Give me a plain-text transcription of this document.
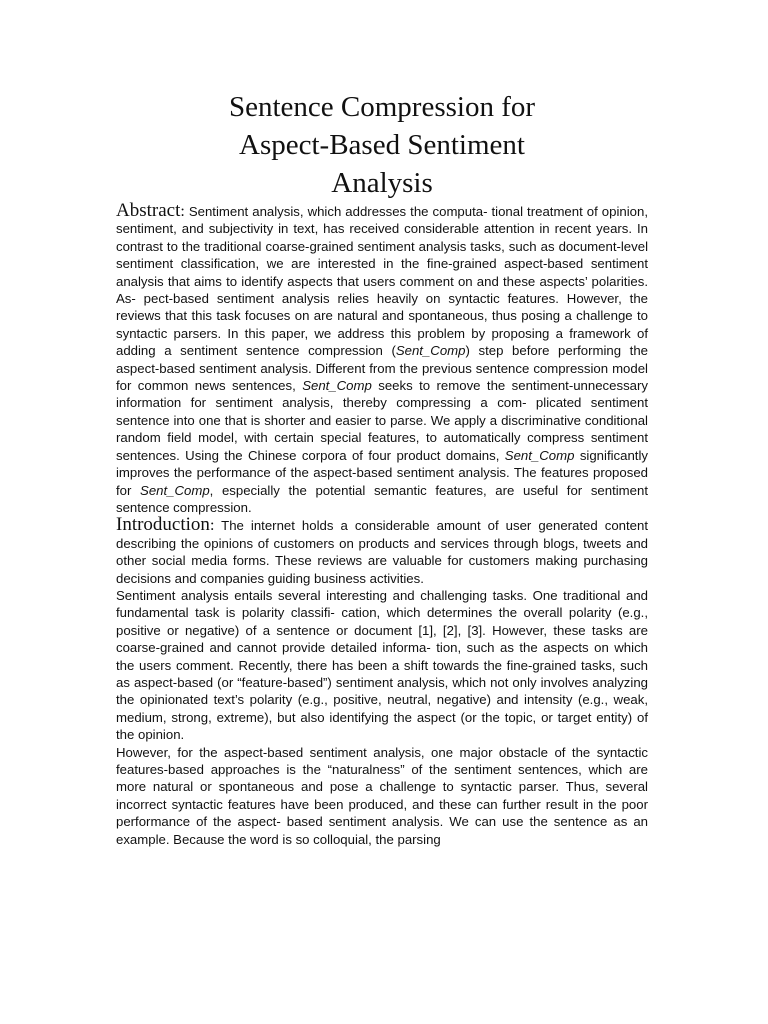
Sentence Compression for
Aspect-Based Sentiment
Analysis

Abstract: Sentiment analysis, which addresses the computa- tional treatment of opinion, sentiment, and subjectivity in text, has received considerable attention in recent years. In contrast to the traditional coarse-grained sentiment analysis tasks, such as document-level sentiment classification, we are interested in the fine-grained aspect-based sentiment analysis that aims to identify aspects that users comment on and these aspects’ polarities. As- pect-based sentiment analysis relies heavily on syntactic features. However, the reviews that this task focuses on are natural and spontaneous, thus posing a challenge to syntactic parsers. In this paper, we address this problem by proposing a framework of adding a sentiment sentence compression (Sent_Comp) step before performing the aspect-based sentiment analysis. Different from the previous sentence compression model for common news sentences, Sent_Comp seeks to remove the sentiment-unnecessary information for sentiment analysis, thereby compressing a com- plicated sentiment sentence into one that is shorter and easier to parse. We apply a discriminative conditional random field model, with certain special features, to automatically compress sentiment sentences. Using the Chinese corpora of four product domains, Sent_Comp significantly improves the performance of the aspect-based sentiment analysis. The features proposed for Sent_Comp, especially the potential semantic features, are useful for sentiment sentence compression.

Introduction: The internet holds a considerable amount of user generated content describing the opinions of customers on products and services through blogs, tweets and other social media forms. These reviews are valuable for customers making purchasing decisions and companies guiding business activities.

Sentiment analysis entails several interesting and challenging tasks. One traditional and fundamental task is polarity classifi- cation, which determines the overall polarity (e.g., positive or negative) of a sentence or document [1], [2], [3]. However, these tasks are coarse-grained and cannot provide detailed informa- tion, such as the aspects on which the users comment. Recently, there has been a shift towards the fine-grained tasks, such as aspect-based (or “feature-based”) sentiment analysis, which not only involves analyzing the opinionated text’s polarity (e.g., positive, neutral, negative) and intensity (e.g., weak, medium, strong, extreme), but also identifying the aspect (or the topic, or target entity) of the opinion.

However, for the aspect-based sentiment analysis, one major obstacle of the syntactic features-based approaches is the “naturalness” of the sentiment sentences, which are more natural or spontaneous and pose a challenge to syntactic parser. Thus, several incorrect syntactic features have been produced, and these can further result in the poor performance of the aspect- based sentiment analysis. We can use the sentence as an example. Because the word is so colloquial, the parsing
